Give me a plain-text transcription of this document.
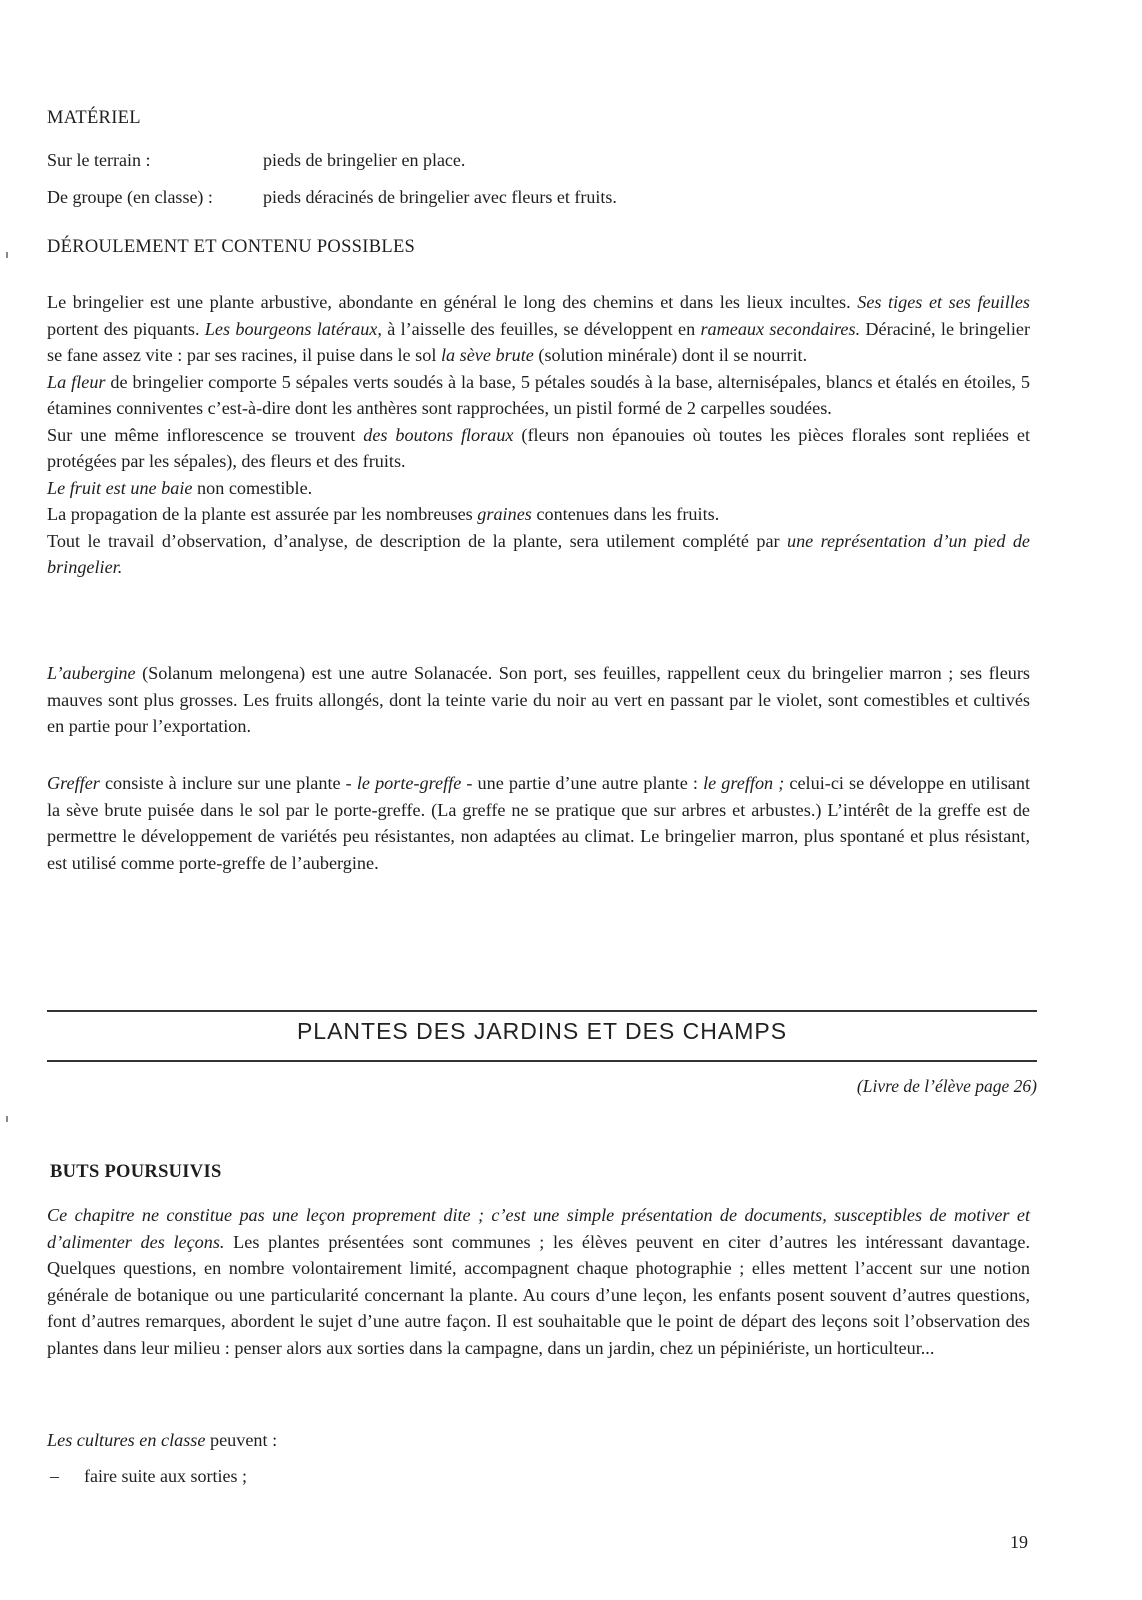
MATÉRIEL
Sur le terrain :	pieds de bringelier en place.
De groupe (en classe) :	pieds déracinés de bringelier avec fleurs et fruits.
DÉROULEMENT ET CONTENU POSSIBLES

Le bringelier est une plante arbustive, abondante en général le long des chemins et dans les lieux incultes. Ses tiges et ses feuilles portent des piquants. Les bourgeons latéraux, à l’aisselle des feuilles, se développent en rameaux secondaires. Déraciné, le bringelier se fane assez vite : par ses racines, il puise dans le sol la sève brute (solution minérale) dont il se nourrit.

La fleur de bringelier comporte 5 sépales verts soudés à la base, 5 pétales soudés à la base, alternisépales, blancs et étalés en étoiles, 5 étamines conniventes c’est-à-dire dont les anthères sont rapprochées, un pistil formé de 2 carpelles soudées.

Sur une même inflorescence se trouvent des boutons floraux (fleurs non épanouies où toutes les pièces florales sont repliées et protégées par les sépales), des fleurs et des fruits.

Le fruit est une baie non comestible.

La propagation de la plante est assurée par les nombreuses graines contenues dans les fruits.

Tout le travail d’observation, d’analyse, de description de la plante, sera utilement complété par une représentation d’un pied de bringelier.

L’aubergine (Solanum melongena) est une autre Solanacée. Son port, ses feuilles, rappellent ceux du bringelier marron ; ses fleurs mauves sont plus grosses. Les fruits allongés, dont la teinte varie du noir au vert en passant par le violet, sont comestibles et cultivés en partie pour l’exportation.

Greffer consiste à inclure sur une plante - le porte-greffe - une partie d’une autre plante : le greffon ; celui-ci se développe en utilisant la sève brute puisée dans le sol par le porte-greffe. (La greffe ne se pratique que sur arbres et arbustes.) L’intérêt de la greffe est de permettre le développement de variétés peu résistantes, non adaptées au climat. Le bringelier marron, plus spontané et plus résistant, est utilisé comme porte-greffe de l’aubergine.

PLANTES DES JARDINS ET DES CHAMPS
(Livre de l’élève page 26)
BUTS POURSUIVIS

Ce chapitre ne constitue pas une leçon proprement dite ; c’est une simple présentation de documents, susceptibles de motiver et d’alimenter des leçons. Les plantes présentées sont communes ; les élèves peuvent en citer d’autres les intéressant davantage. Quelques questions, en nombre volontairement limité, accompagnent chaque photographie ; elles mettent l’accent sur une notion générale de botanique ou une particularité concernant la plante. Au cours d’une leçon, les enfants posent souvent d’autres questions, font d’autres remarques, abordent le sujet d’une autre façon. Il est souhaitable que le point de départ des leçons soit l’observation des plantes dans leur milieu : penser alors aux sorties dans la campagne, dans un jardin, chez un pépiniériste, un horticulteur...

Les cultures en classe peuvent :

– faire suite aux sorties ;
19
